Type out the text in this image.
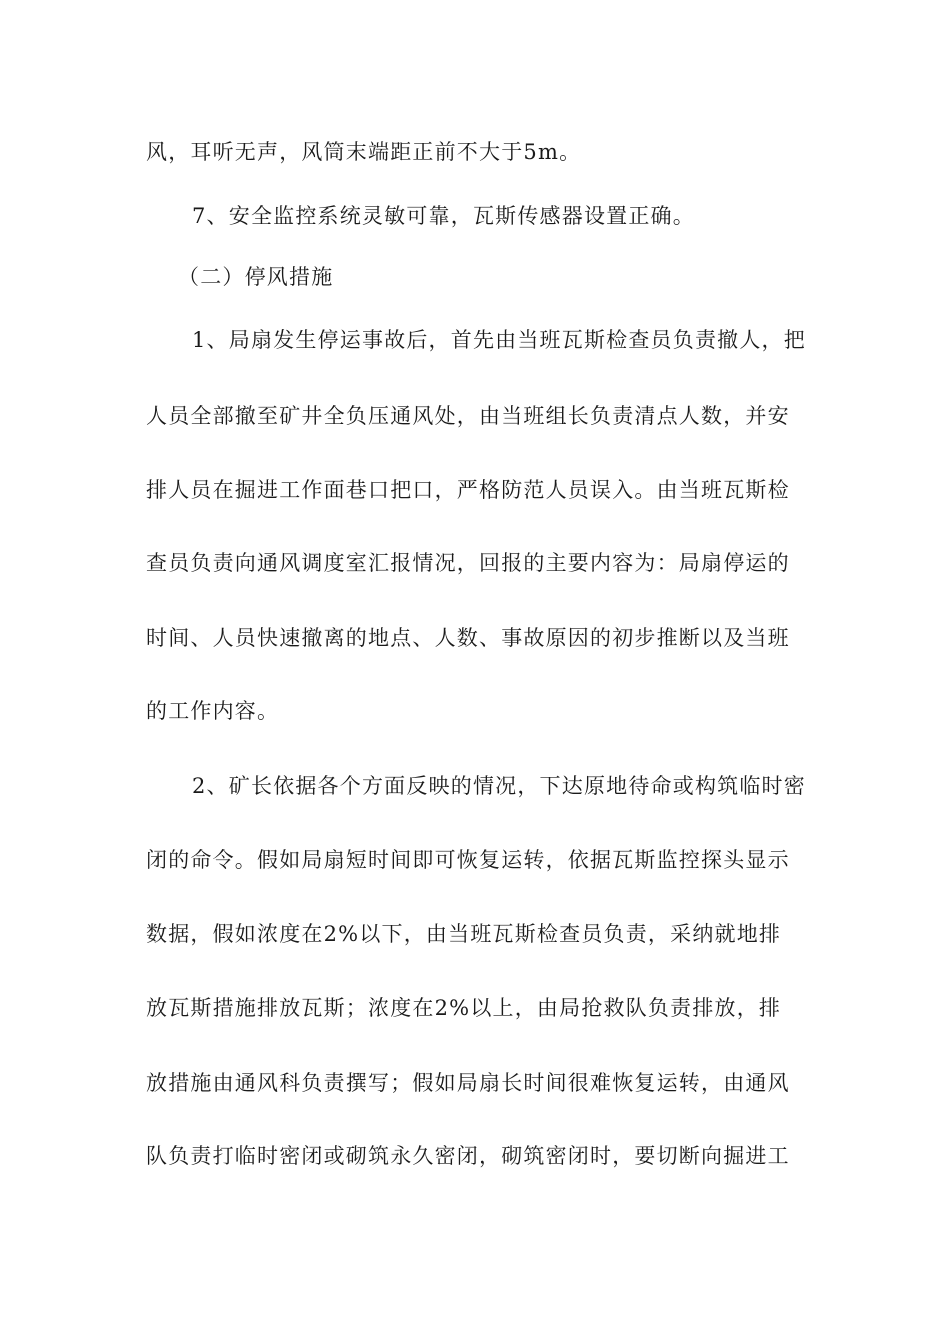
风，耳听无声，风筒末端距正前不大于5m。
7、安全监控系统灵敏可靠，瓦斯传感器设置正确。
（二）停风措施
1、局扇发生停运事故后，首先由当班瓦斯检查员负责撤人，把
人员全部撤至矿井全负压通风处，由当班组长负责清点人数，并安
排人员在掘进工作面巷口把口，严格防范人员误入。由当班瓦斯检
查员负责向通风调度室汇报情况，回报的主要内容为：局扇停运的
时间、人员快速撤离的地点、人数、事故原因的初步推断以及当班
的工作内容。
2、矿长依据各个方面反映的情况，下达原地待命或构筑临时密
闭的命令。假如局扇短时间即可恢复运转，依据瓦斯监控探头显示
数据，假如浓度在2%以下，由当班瓦斯检查员负责，采纳就地排
放瓦斯措施排放瓦斯；浓度在2%以上，由局抢救队负责排放，排
放措施由通风科负责撰写；假如局扇长时间很难恢复运转，由通风
队负责打临时密闭或砌筑永久密闭，砌筑密闭时，要切断向掘进工
